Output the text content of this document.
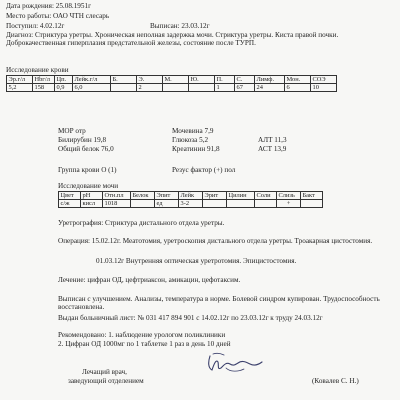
Дата рождения: 25.08.1951г
Место работы: ОАО ЧТН слесарь
Поступил: 4.02.12г	Выписан: 23.03.12г
Диагноз: Стриктура уретры. Хроническая неполная задержка мочи. Стриктура уретры. Киста правой почки. Доброкачественная гиперплазия предстательной железы, состояние после ТУРП.
Исследование крови
Эр.г/л	Hbг/л	Цп.	Лейк.г/л	Б.	Э.	М.	Ю.	П.	С.	Лимф.	Мон.	СОЭ
5,2	158	0,9	6,0		2			1	67	24	6	10
МОР отр	Мочевина 7,9
Билирубин 19,8	Глюкоза 5,2	АЛТ 11,3
Общий белок 76,0	Креатинин 91,8	АСТ 13,9
Группа крови О (1)	Резус фактор (+) пол
Исследование мочи
Цвет	pH	Отн.пл	Белок	Эпит	Лейк	Эрит	Цилин	Соли	Слизь	Бакт
с/ж	кисл	1018		ед	3-2				+	
Уретрография: Стриктура дистального отдела уретры.
Операция: 15.02.12г. Меатотомия, уретроскопия дистального отдела уретры. Троакарная цистостомия.
01.03.12г Внутренняя оптическая уретротомия. Эпицистостомия.
Лечение: цифран ОД, цефтриаксон, амикацин, цефотаксим.
Выписан с улучшением. Анализы, температура в норме. Болевой синдром купирован. Трудоспособность восстановлена.
Выдан больничный лист: № 031 417 894 901 с 14.02.12г по 23.03.12г к труду 24.03.12г
Рекомендовано: 1. наблюдение урологом поликлиники
2. Цифран ОД 1000мг по 1 таблетке 1 раз в день 10 дней
Лечащий врач,
заведующий отделением	(Ковалев С. Н.)
